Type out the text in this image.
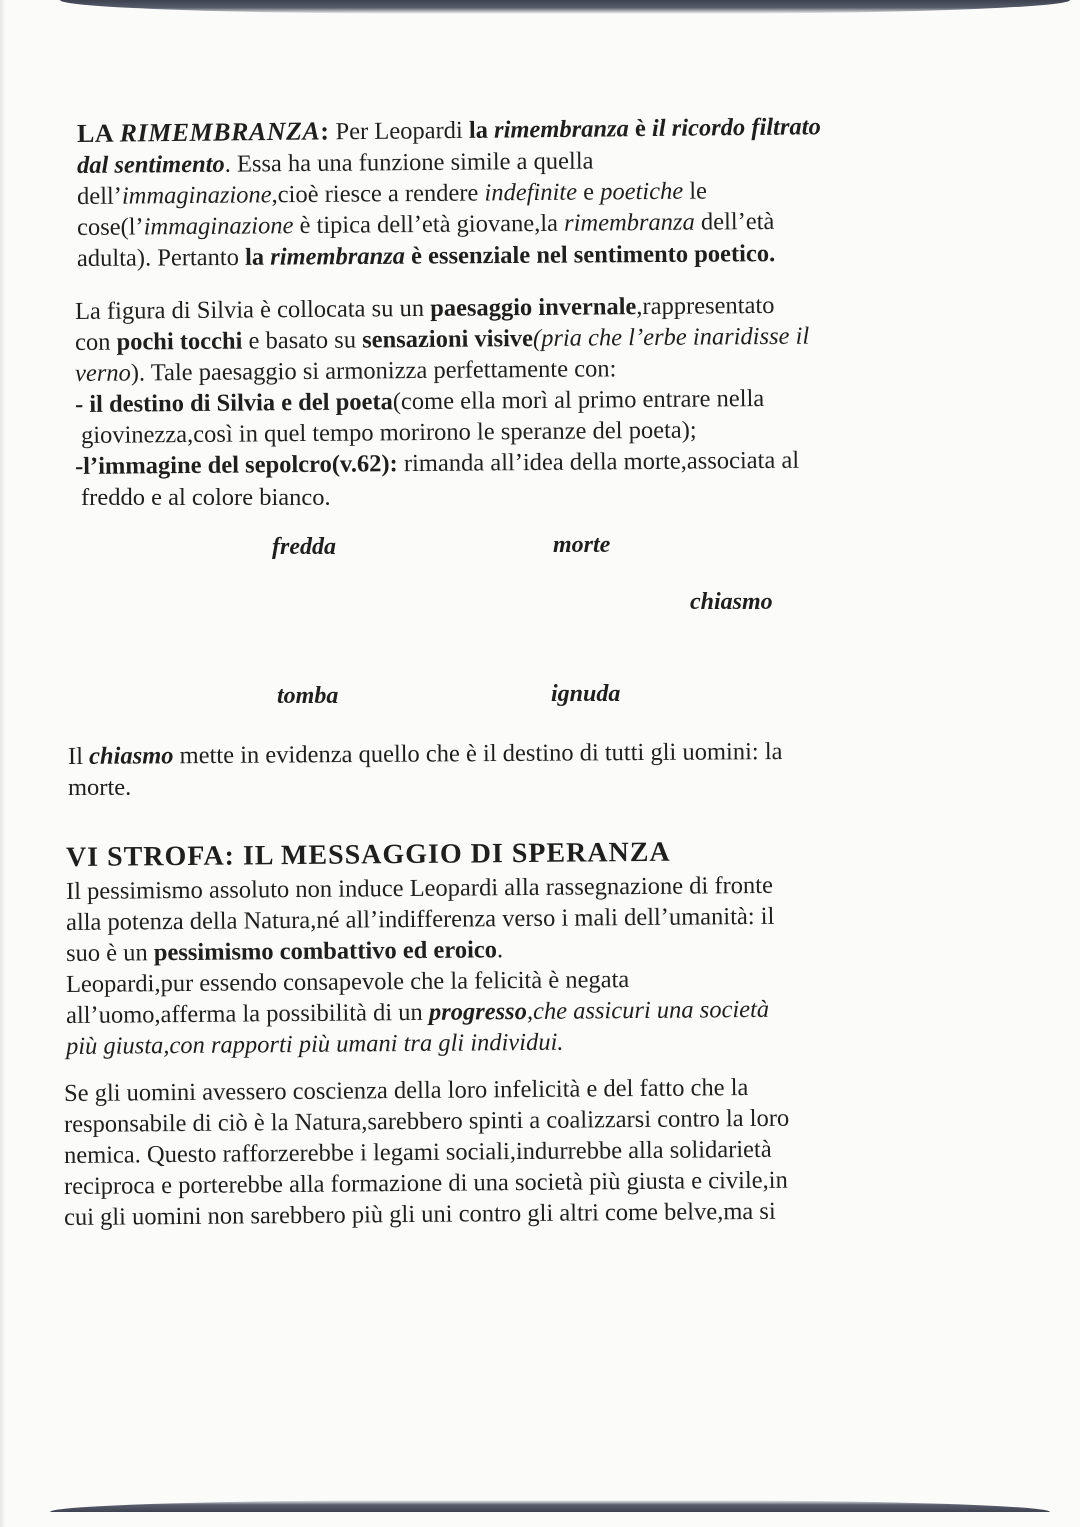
LA RIMEMBRANZA: Per Leopardi la rimembranza è il ricordo filtrato

dal sentimento. Essa ha una funzione simile a quella

dell’immaginazione,cioè riesce a rendere indefinite e poetiche le

cose(l’immaginazione è tipica dell’età giovane,la rimembranza dell’età

adulta). Pertanto la rimembranza è essenziale nel sentimento poetico.

La figura di Silvia è collocata su un paesaggio invernale,rappresentato

con pochi tocchi e basato su sensazioni visive(pria che l’erbe inaridisse il

verno). Tale paesaggio si armonizza perfettamente con:

- il destino di Silvia e del poeta(come ella morì al primo entrare nella

giovinezza,così in quel tempo morirono le speranze del poeta);

-l’immagine del sepolcro(v.62): rimanda all’idea della morte,associata al

freddo e al colore bianco.

fredda	morte
chiasmo
tomba	ignuda

Il chiasmo mette in evidenza quello che è il destino di tutti gli uomini: la

morte.

VI STROFA: IL MESSAGGIO DI SPERANZA

Il pessimismo assoluto non induce Leopardi alla rassegnazione di fronte

alla potenza della Natura,né all’indifferenza verso i mali dell’umanità: il

suo è un pessimismo combattivo ed eroico.

Leopardi,pur essendo consapevole che la felicità è negata

all’uomo,afferma la possibilità di un progresso,che assicuri una società

più giusta,con rapporti più umani tra gli individui.

Se gli uomini avessero coscienza della loro infelicità e del fatto che la

responsabile di ciò è la Natura,sarebbero spinti a coalizzarsi contro la loro

nemica. Questo rafforzerebbe i legami sociali,indurrebbe alla solidarietà

reciproca e porterebbe alla formazione di una società più giusta e civile,in

cui gli uomini non sarebbero più gli uni contro gli altri come belve,ma si
